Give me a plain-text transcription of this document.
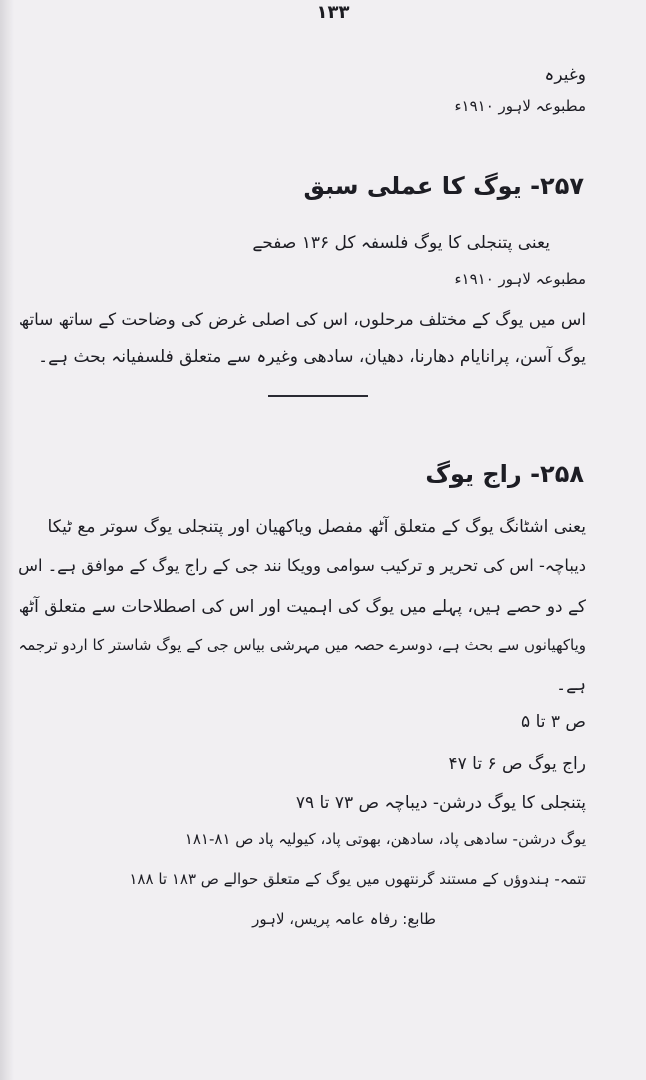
۱۳۳
وغیرہ
مطبوعہ لاہور ۱۹۱۰ء
۲۵۷- یوگ کا عملی سبق
یعنی پتنجلی کا یوگ فلسفہ کل ۱۳۶ صفحے
مطبوعہ لاہور ۱۹۱۰ء
اس میں یوگ کے مختلف مرحلوں، اس کی اصلی غرض کی وضاحت کے ساتھ ساتھ
یوگ آسن، پرانایام دھارنا، دھیان، سادھی وغیرہ سے متعلق فلسفیانہ بحث ہے۔
۲۵۸- راج یوگ
یعنی اشٹانگ یوگ کے متعلق آٹھ مفصل ویاکھیان اور پتنجلی یوگ سوتر مع ٹیکا
دیباچہ- اس کی تحریر و ترکیب سوامی وویکا نند جی کے راج یوگ کے موافق ہے۔ اس
کے دو حصے ہیں، پہلے میں یوگ کی اہمیت اور اس کی اصطلاحات سے متعلق آٹھ
ویاکھیانوں سے بحث ہے، دوسرے حصہ میں مہرشی بیاس جی کے یوگ شاستر کا اردو ترجمہ
ہے۔
ص ۳ تا ۵
راج یوگ ص ۶ تا ۴۷
پتنجلی کا یوگ درشن- دیباچہ ص ۷۳ تا ۷۹
یوگ درشن- سادھی پاد، سادھن، بھوتی پاد، کیولیہ پاد ص ۸۱-۱۸۱
تتمہ- ہندوؤں کے مستند گرنتھوں میں یوگ کے متعلق حوالے ص ۱۸۳ تا ۱۸۸
طابع: رفاہ عامہ پریس، لاہور
